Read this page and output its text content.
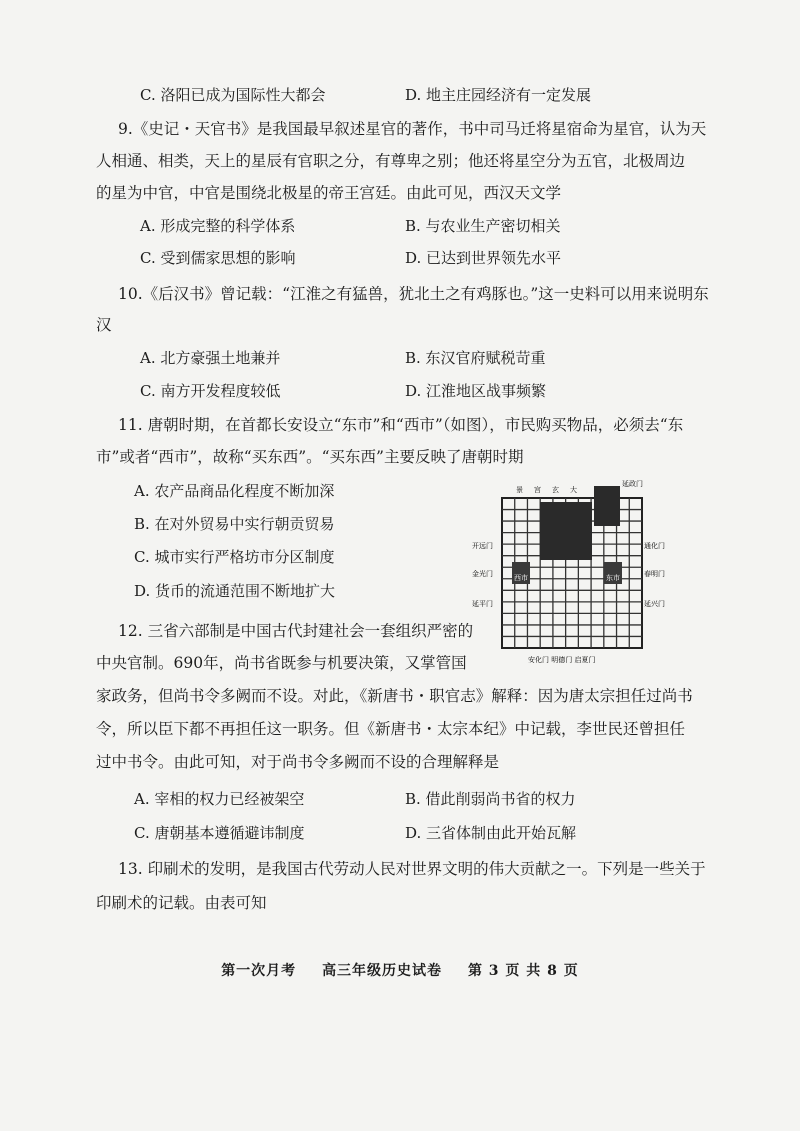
C. 洛阳已成为国际性大都会	D. 地主庄园经济有一定发展
9.《史记・天官书》是我国最早叙述星官的著作，书中司马迁将星宿命为星官，认为天
人相通、相类，天上的星辰有官职之分，有尊卑之别；他还将星空分为五官，北极周边
的星为中官，中官是围绕北极星的帝王宫廷。由此可见，西汉天文学
A. 形成完整的科学体系	B. 与农业生产密切相关
C. 受到儒家思想的影响	D. 已达到世界领先水平
10.《后汉书》曾记载：“江淮之有猛兽，犹北土之有鸡豚也。”这一史料可以用来说明东
汉
A. 北方豪强土地兼并	B. 东汉官府赋税苛重
C. 南方开发程度较低	D. 江淮地区战事频繁
11. 唐朝时期，在首都长安设立“东市”和“西市”（如图），市民购买物品，必须去“东
市”或者“西市”，故称“买东西”。“买东西”主要反映了唐朝时期
A. 农产品商品化程度不断加深
B. 在对外贸易中实行朝贡贸易
C. 城市实行严格坊市分区制度
D. 货币的流通范围不断地扩大
西市	东市
景 宫 玄 大
延政门
开远门
金光门
延平门
通化门
春明门
延兴门
安化门 明德门 启夏门
12. 三省六部制是中国古代封建社会一套组织严密的
中央官制。690年，尚书省既参与机要决策，又掌管国
家政务，但尚书令多阙而不设。对此，《新唐书・职官志》解释：因为唐太宗担任过尚书
令，所以臣下都不再担任这一职务。但《新唐书・太宗本纪》中记载，李世民还曾担任
过中书令。由此可知，对于尚书令多阙而不设的合理解释是
A. 宰相的权力已经被架空	B. 借此削弱尚书省的权力
C. 唐朝基本遵循避讳制度	D. 三省体制由此开始瓦解
13. 印刷术的发明，是我国古代劳动人民对世界文明的伟大贡献之一。下列是一些关于
印刷术的记载。由表可知
第一次月考 高三年级历史试卷 第 3 页 共 8 页
